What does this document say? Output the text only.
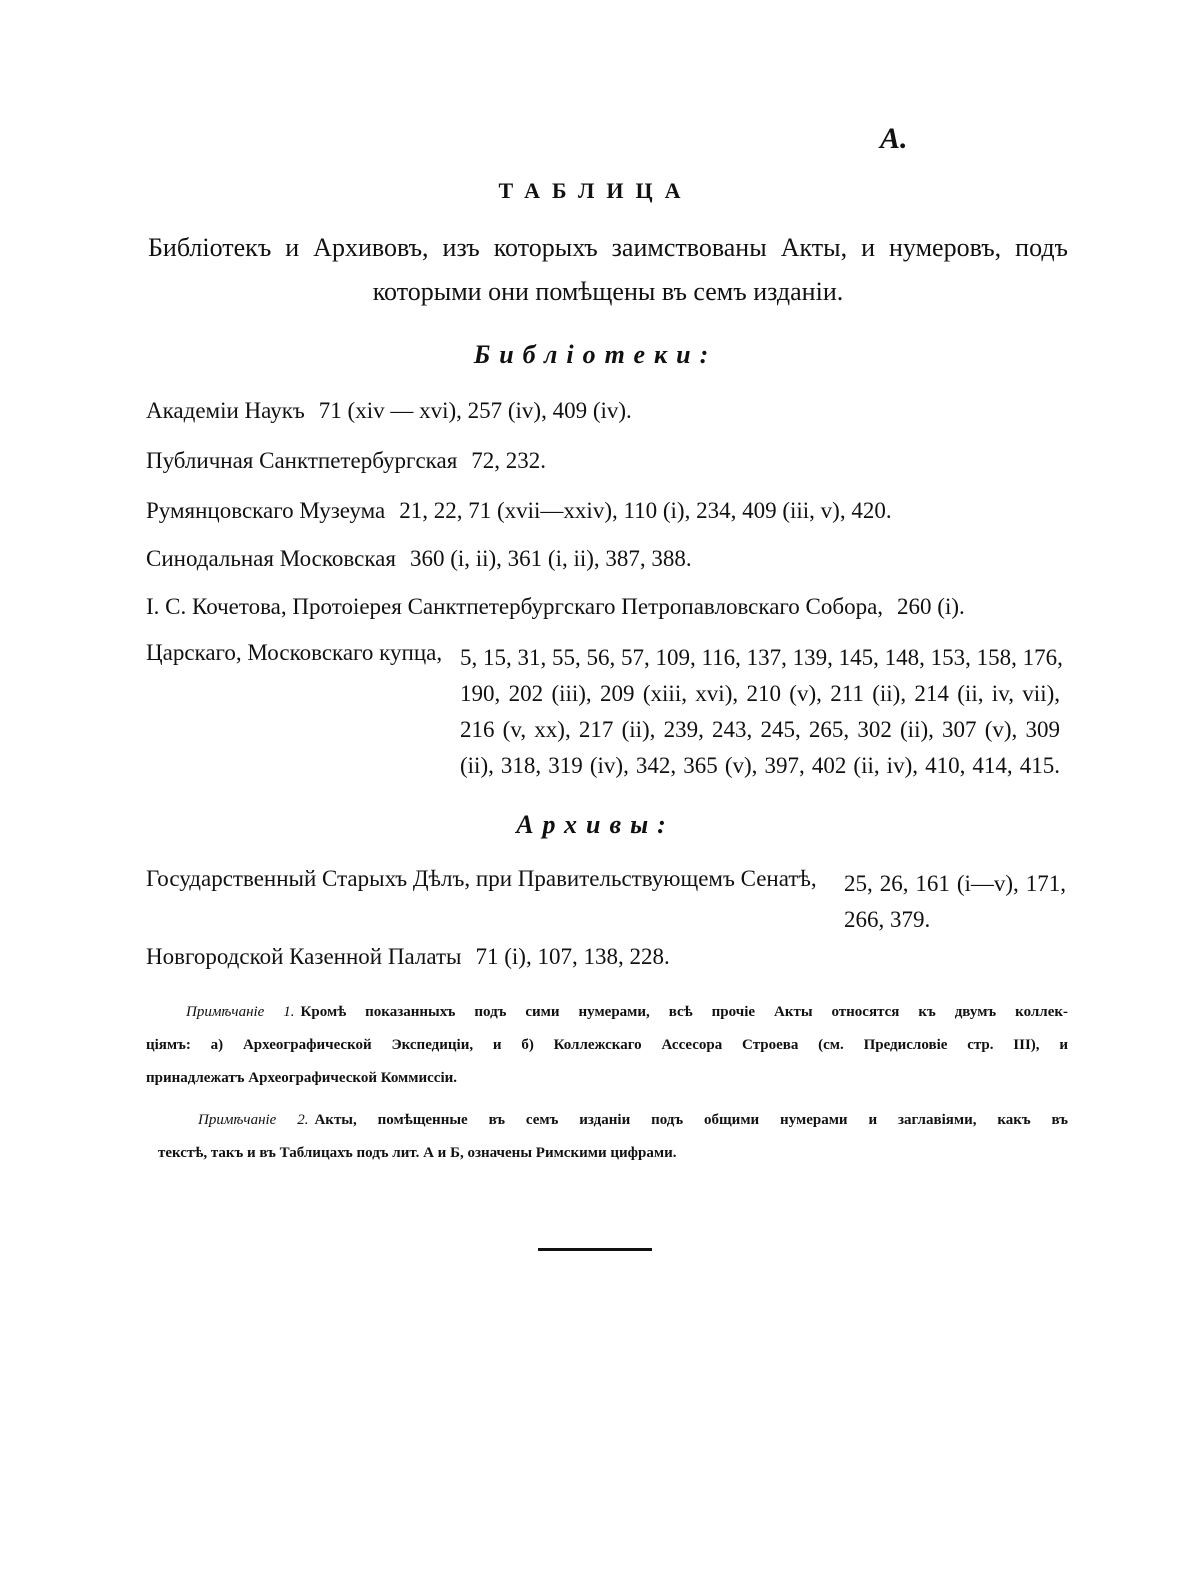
А.
ТАБЛИЦА
Библіотекъ и Архивовъ, изъ которыхъ заимствованы Акты, и нумеровъ, подъ
которыми они помѣщены въ семъ изданіи.
Библіотеки:
Академіи Наукъ 71 (xiv — xvi), 257 (iv), 409 (iv).
Публичная Санктпетербургская 72, 232.
Румянцовскаго Музеума 21, 22, 71 (xvii—xxiv), 110 (i), 234, 409 (iii, v), 420.
Синодальная Московская 360 (i, ii), 361 (i, ii), 387, 388.
І. С. Кочетова, Протоіерея Санктпетербургскаго Петропавловскаго Собора, 260 (i).
Царскаго, Московскаго купца, 5, 15, 31, 55, 56, 57, 109, 116, 137, 139, 145, 148, 153, 158, 176,
190, 202 (iii), 209 (xiii, xvi), 210 (v), 211 (ii), 214 (ii, iv, vii),
216 (v, xx), 217 (ii), 239, 243, 245, 265, 302 (ii), 307 (v), 309
(ii), 318, 319 (iv), 342, 365 (v), 397, 402 (ii, iv), 410, 414, 415.
Архивы:
Государственный Старыхъ Дѣлъ, при Правительствующемъ Сенатѣ, 25, 26, 161 (i—v), 171,
266, 379.
Новгородской Казенной Палаты 71 (i), 107, 138, 228.
Примѣчаніе 1. Кромѣ показанныхъ подъ сими нумерами, всѣ прочіе Акты относятся къ двумъ коллек-
ціямъ: а) Археографической Экспедиціи, и б) Коллежскаго Ассесора Строева (см. Предисловіе стр. III), и
принадлежатъ Археографической Коммиссіи.
Примѣчаніе 2. Акты, помѣщенные въ семъ изданіи подъ общими нумерами и заглавіями, какъ въ
текстѣ, такъ и въ Таблицахъ подъ лит. А и Б, означены Римскими цифрами.
